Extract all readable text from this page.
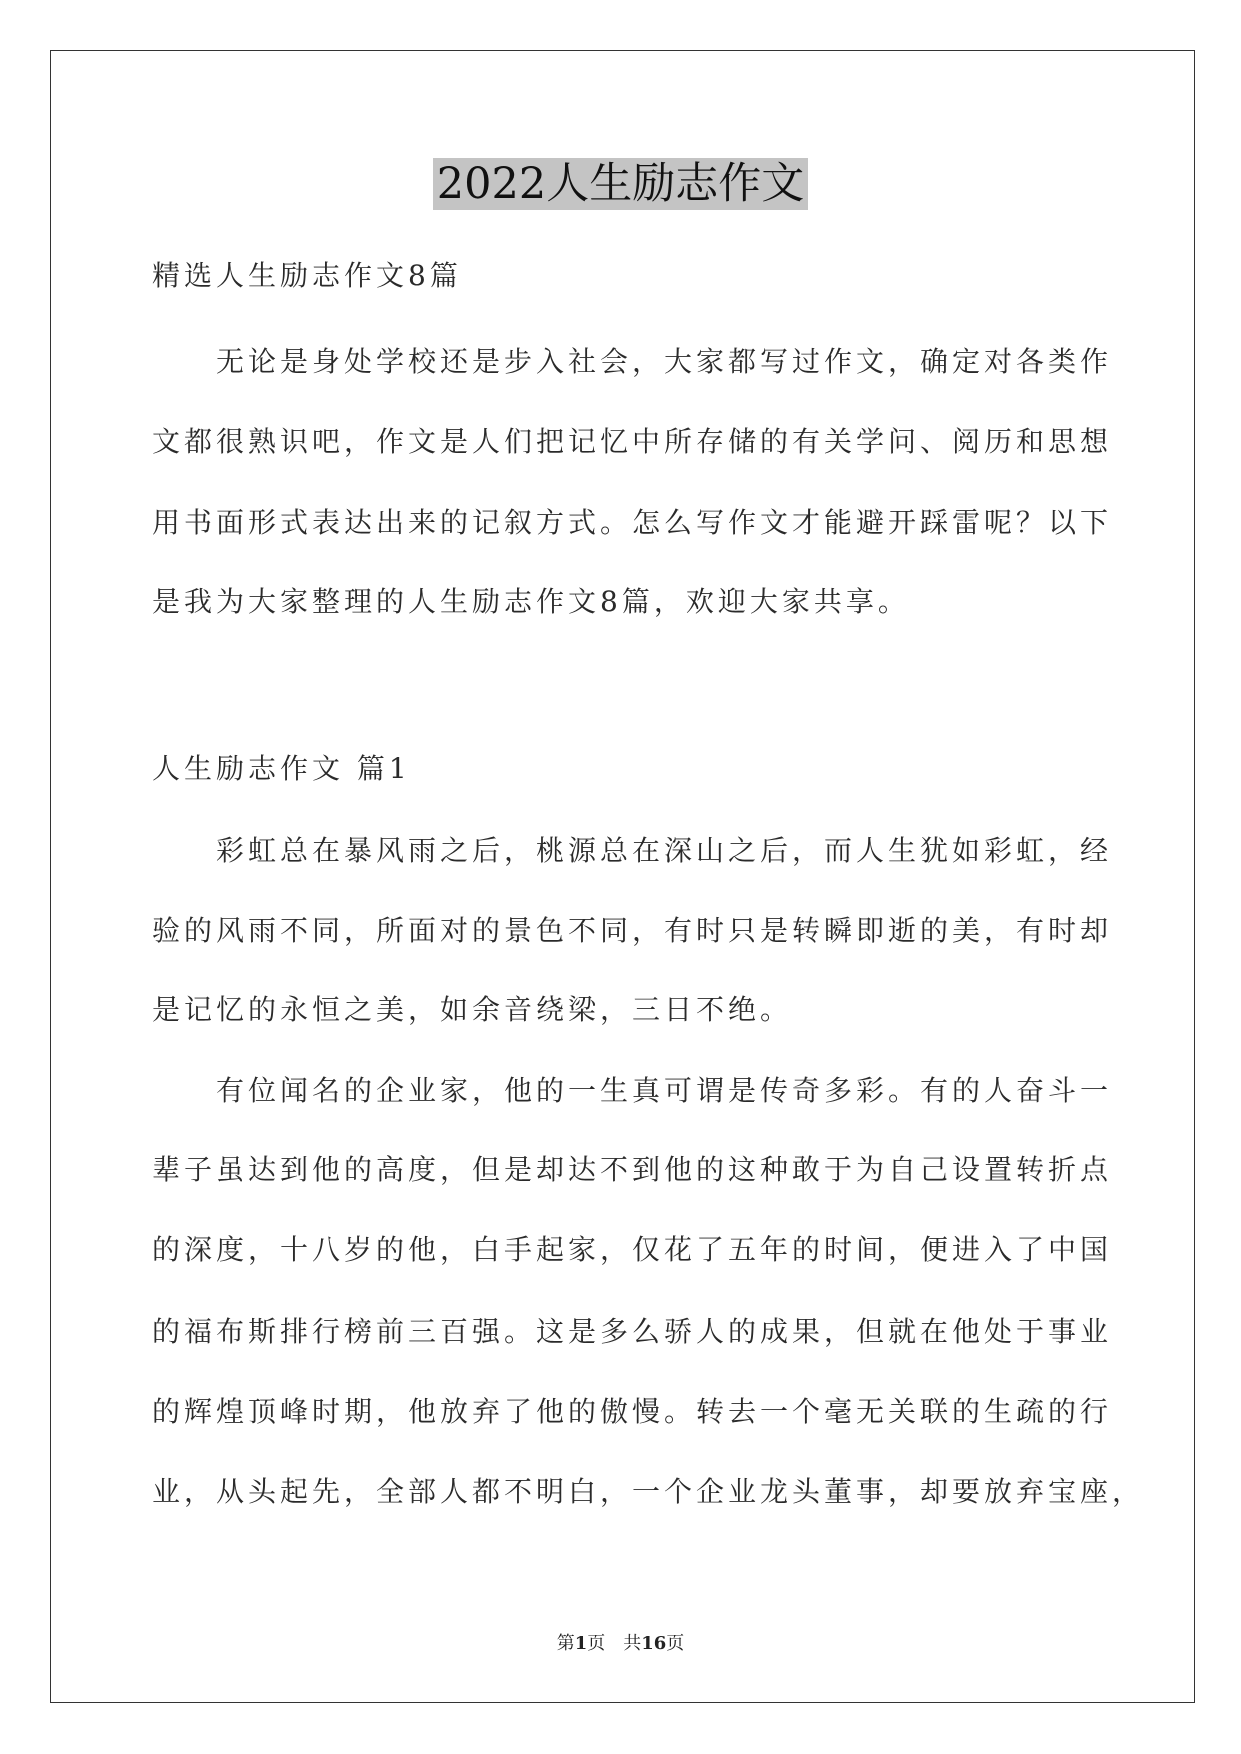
2022人生励志作文
精选人生励志作文8篇
　　无论是身处学校还是步入社会，大家都写过作文，确定对各类作
文都很熟识吧，作文是人们把记忆中所存储的有关学问、阅历和思想
用书面形式表达出来的记叙方式。怎么写作文才能避开踩雷呢？以下
是我为大家整理的人生励志作文8篇，欢迎大家共享。
人生励志作文 篇1
　　彩虹总在暴风雨之后，桃源总在深山之后，而人生犹如彩虹，经
验的风雨不同，所面对的景色不同，有时只是转瞬即逝的美，有时却
是记忆的永恒之美，如余音绕梁，三日不绝。
　　有位闻名的企业家，他的一生真可谓是传奇多彩。有的人奋斗一
辈子虽达到他的高度，但是却达不到他的这种敢于为自己设置转折点
的深度，十八岁的他，白手起家，仅花了五年的时间，便进入了中国
的福布斯排行榜前三百强。这是多么骄人的成果，但就在他处于事业
的辉煌顶峰时期，他放弃了他的傲慢。转去一个毫无关联的生疏的行
业，从头起先，全部人都不明白，一个企业龙头董事，却要放弃宝座，
第1页 共16页
